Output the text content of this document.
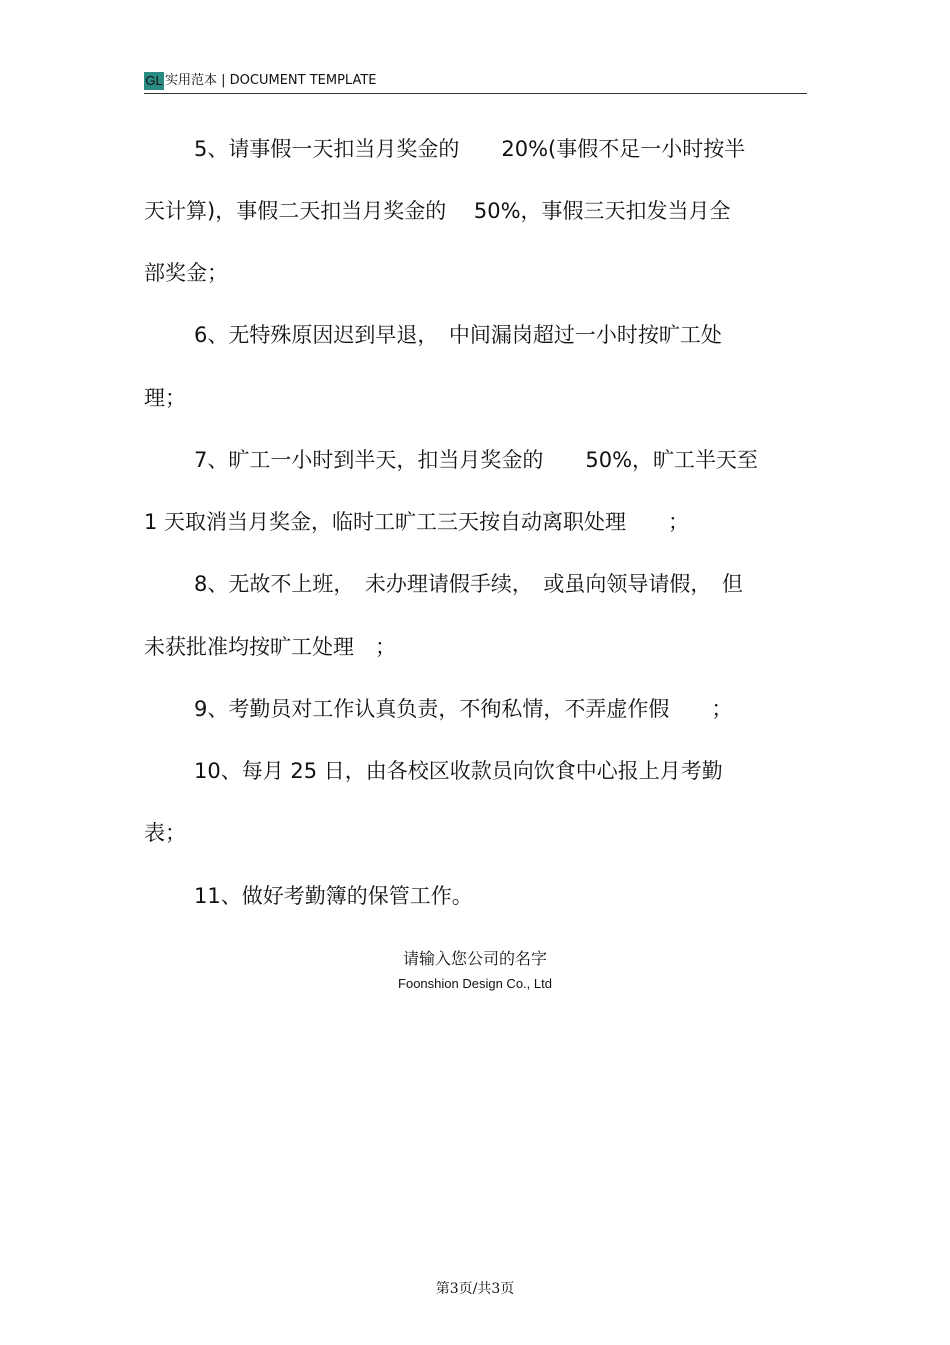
GL 实用范本 | DOCUMENT TEMPLATE
5、请事假一天扣当月奖金的　　20%(事假不足一小时按半
天计算)，事假二天扣当月奖金的　 50%，事假三天扣发当月全
部奖金；
6、无特殊原因迟到早退，　中间漏岗超过一小时按旷工处
理；
7、旷工一小时到半天，扣当月奖金的　　50%，旷工半天至
1 天取消当月奖金，临时工旷工三天按自动离职处理　　；
8、无故不上班，　未办理请假手续，　或虽向领导请假，　但
未获批准均按旷工处理　；
9、考勤员对工作认真负责，不徇私情，不弄虚作假　　；
10、每月 25 日，由各校区收款员向饮食中心报上月考勤
表；
11、做好考勤簿的保管工作。
请输入您公司的名字
Foonshion Design Co., Ltd
第3页/共3页
